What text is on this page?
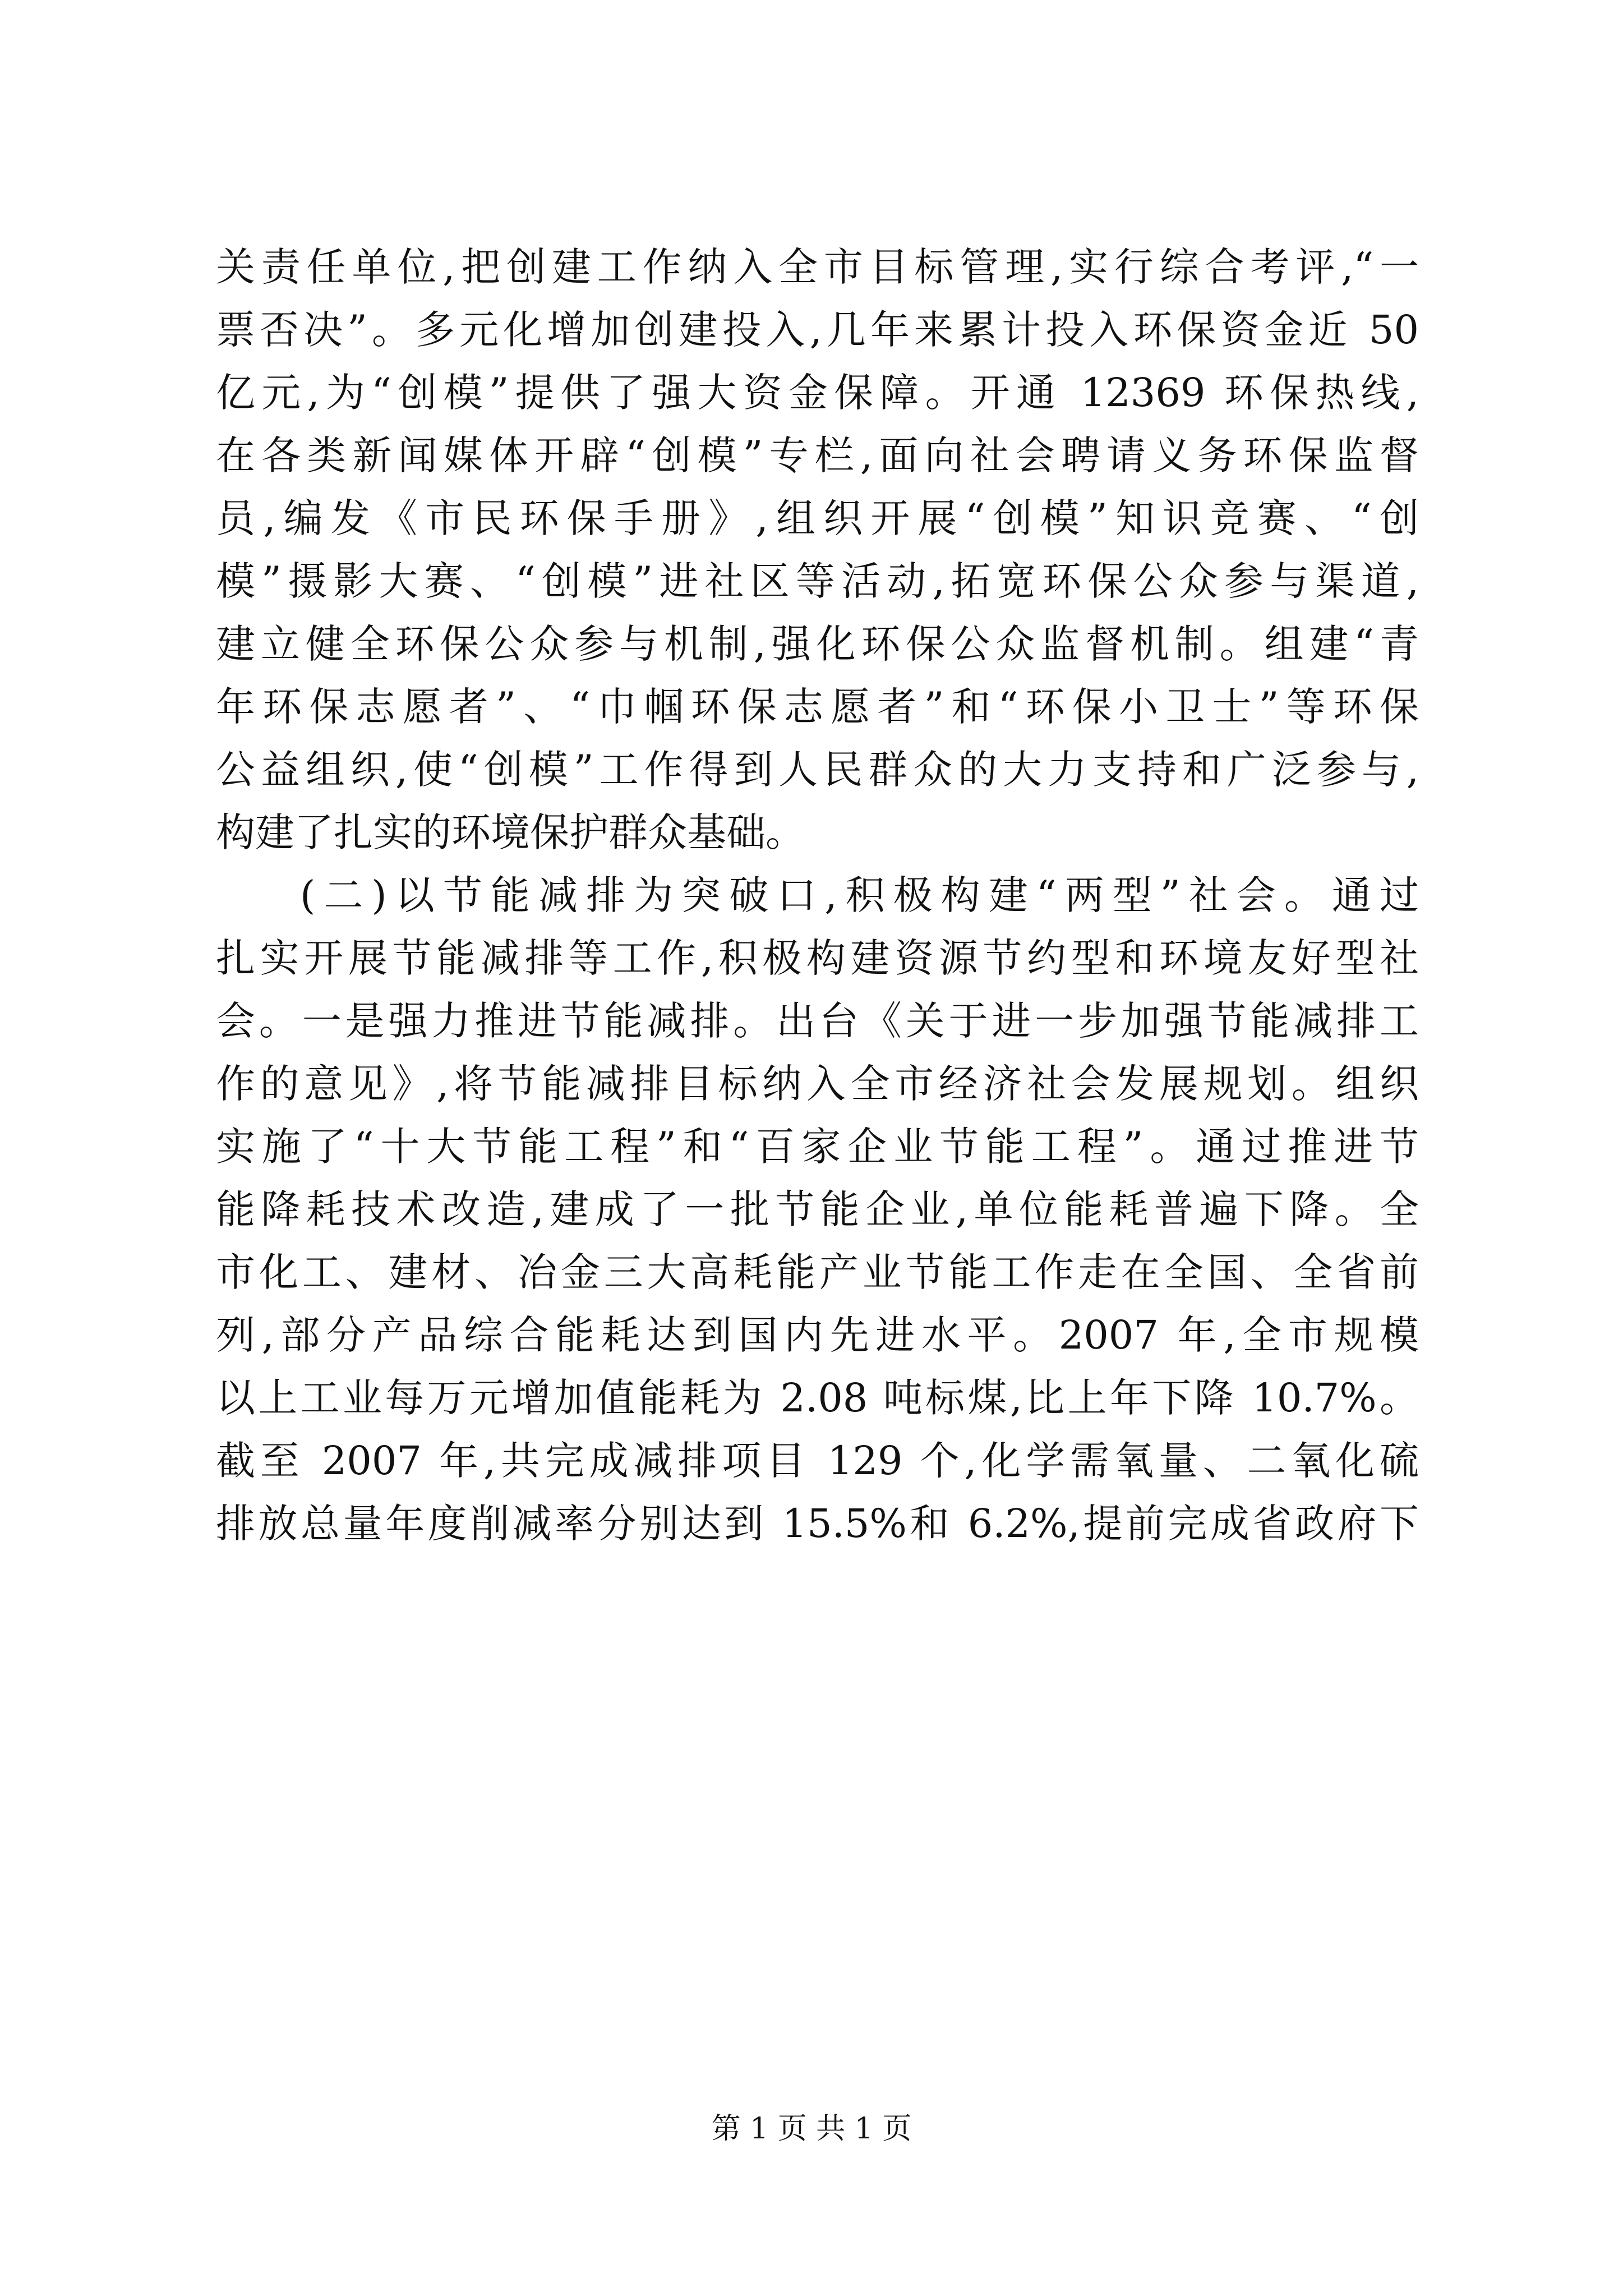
关责任单位,把创建工作纳入全市目标管理,实行综合考评,“一
票否决”。多元化增加创建投入,几年来累计投入环保资金近 50
亿元,为“创模”提供了强大资金保障。开通 12369 环保热线,
在各类新闻媒体开辟“创模”专栏,面向社会聘请义务环保监督
员,编发《市民环保手册》,组织开展“创模”知识竞赛、“创
模”摄影大赛、“创模”进社区等活动,拓宽环保公众参与渠道,
建立健全环保公众参与机制,强化环保公众监督机制。组建“青
年环保志愿者”、“巾帼环保志愿者”和“环保小卫士”等环保
公益组织,使“创模”工作得到人民群众的大力支持和广泛参与,
构建了扎实的环境保护群众基础。
(二)以节能减排为突破口,积极构建“两型”社会。通过
扎实开展节能减排等工作,积极构建资源节约型和环境友好型社
会。一是强力推进节能减排。出台《关于进一步加强节能减排工
作的意见》,将节能减排目标纳入全市经济社会发展规划。组织
实施了“十大节能工程”和“百家企业节能工程”。通过推进节
能降耗技术改造,建成了一批节能企业,单位能耗普遍下降。全
市化工、建材、冶金三大高耗能产业节能工作走在全国、全省前
列,部分产品综合能耗达到国内先进水平。2007 年,全市规模
以上工业每万元增加值能耗为 2.08 吨标煤,比上年下降 10.7%。
截至 2007 年,共完成减排项目 129 个,化学需氧量、二氧化硫
排放总量年度削减率分别达到 15.5%和 6.2%,提前完成省政府下
第 1 页 共 1 页
